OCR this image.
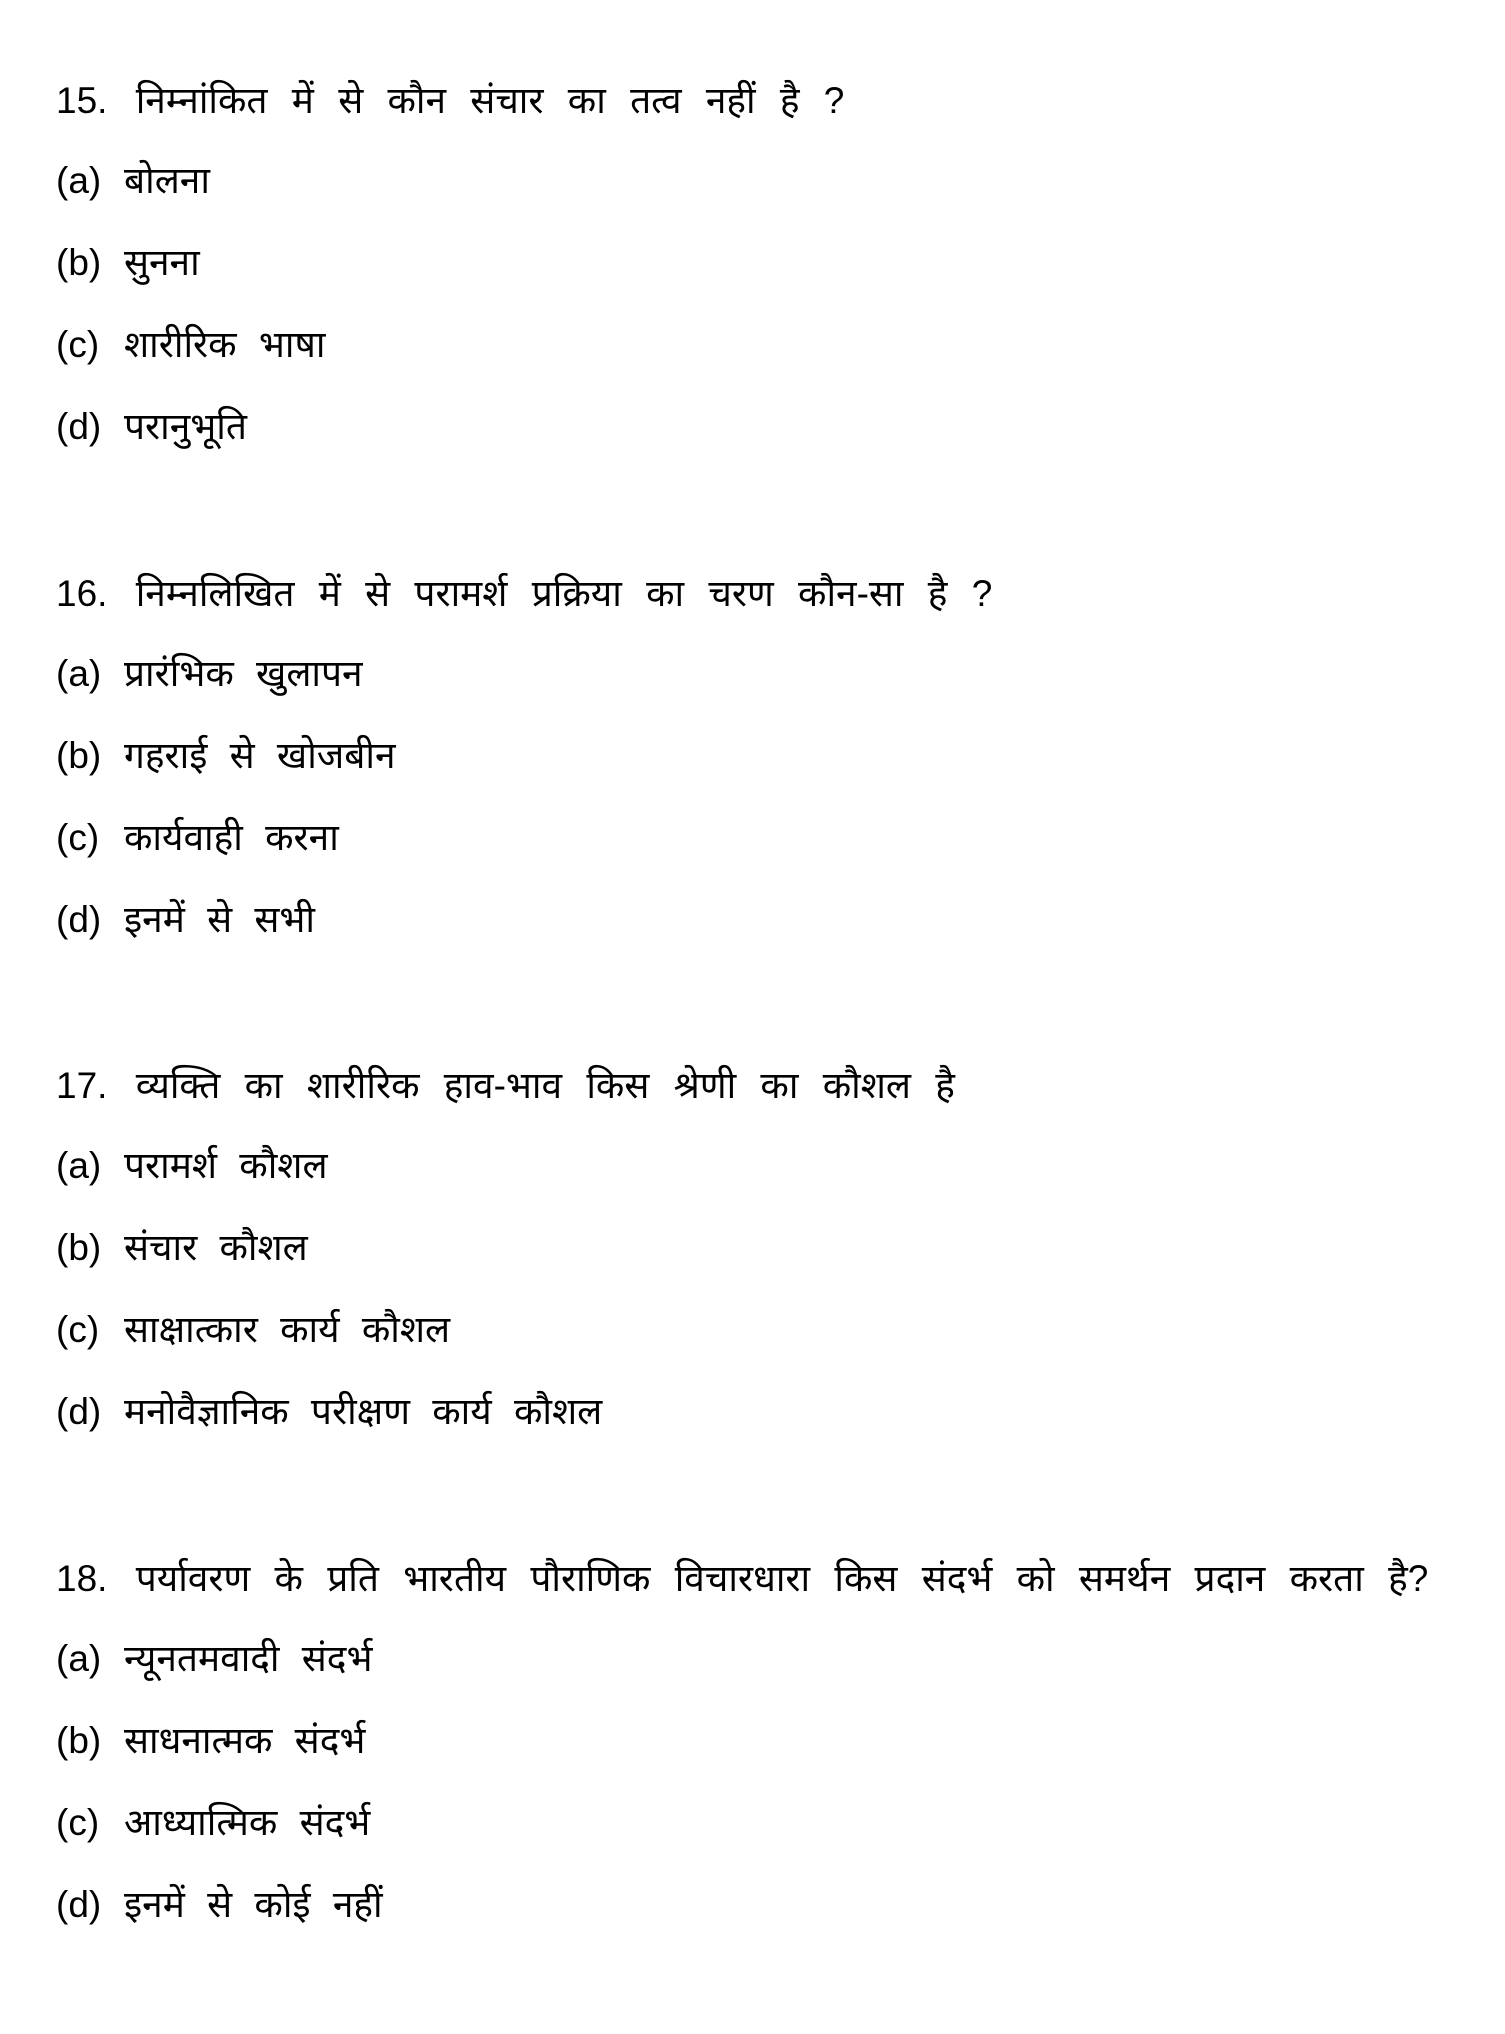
15. निम्नांकित में से कौन संचार का तत्व नहीं है ?

(a) बोलना
(b) सुनना
(c) शारीरिक भाषा
(d) परानुभूति

16. निम्नलिखित में से परामर्श प्रक्रिया का चरण कौन-सा है ?

(a) प्रारंभिक खुलापन
(b) गहराई से खोजबीन
(c) कार्यवाही करना
(d) इनमें से सभी

17. व्यक्ति का शारीरिक हाव-भाव किस श्रेणी का कौशल है

(a) परामर्श कौशल
(b) संचार कौशल
(c) साक्षात्कार कार्य कौशल
(d) मनोवैज्ञानिक परीक्षण कार्य कौशल

18. पर्यावरण के प्रति भारतीय पौराणिक विचारधारा किस संदर्भ को समर्थन प्रदान करता है?

(a) न्यूनतमवादी संदर्भ
(b) साधनात्मक संदर्भ
(c) आध्यात्मिक संदर्भ
(d) इनमें से कोई नहीं
